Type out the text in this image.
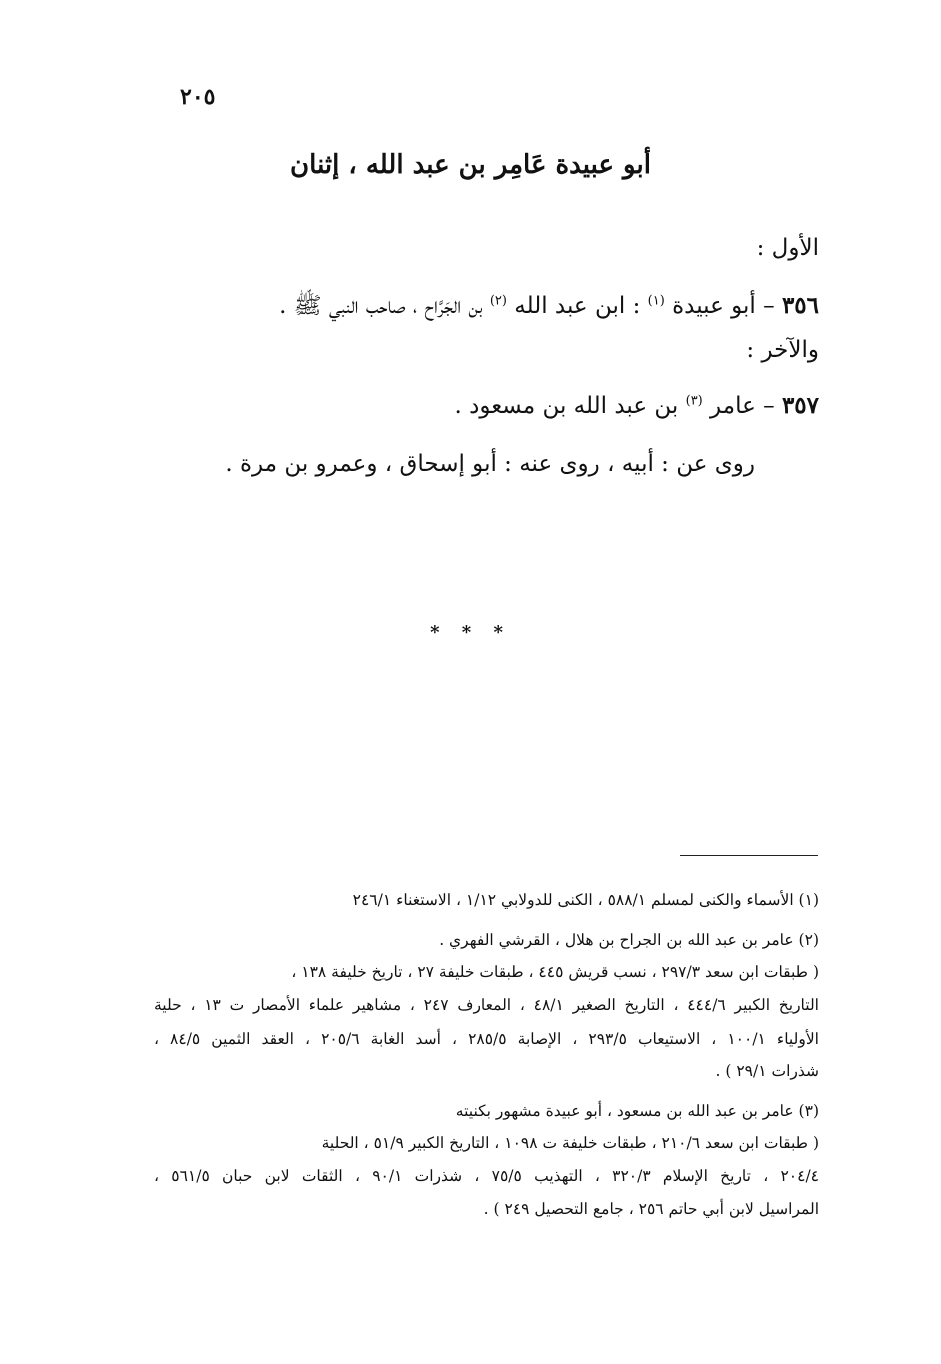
٢٠٥
أبو عبيدة عَامِر بن عبد الله ، إثنان
الأول :
٣٥٦ – أبو عبيدة $^{(١)}$ : ابن عبد الله $^{(٢)}$ بن الجَرَّاح ، صاحب النبي ﷺ .
والآخر :
٣٥٧ – عامر $^{(٣)}$ بن عبد الله بن مسعود .
روى عن : أبيه ، روى عنه : أبو إسحاق ، وعمرو بن مرة .
* * *
(١) الأسماء والكنى لمسلم ٥٨٨/١ ، الكنى للدولابي ١/١٢ ، الاستغناء ٢٤٦/١
(٢) عامر بن عبد الله بن الجراح بن هلال ، القرشي الفهري .
( طبقات ابن سعد ٢٩٧/٣ ، نسب قريش ٤٤٥ ، طبقات خليفة ٢٧ ، تاريخ خليفة ١٣٨ ،
التاريخ الكبير ٤٤٤/٦ ، التاريخ الصغير ٤٨/١ ، المعارف ٢٤٧ ، مشاهير علماء الأمصار ت ١٣ ، حلية
الأولياء ١٠٠/١ ، الاستيعاب ٢٩٣/٥ ، الإصابة ٢٨٥/٥ ، أسد الغابة ٢٠٥/٦ ، العقد الثمين ٨٤/٥ ،
شذرات ٢٩/١ ) .
(٣) عامر بن عبد الله بن مسعود ، أبو عبيدة مشهور بكنيته
( طبقات ابن سعد ٢١٠/٦ ، طبقات خليفة ت ١٠٩٨ ، التاريخ الكبير ٥١/٩ ، الحلية
٢٠٤/٤ ، تاريخ الإسلام ٣٢٠/٣ ، التهذيب ٧٥/٥ ، شذرات ٩٠/١ ، الثقات لابن حبان ٥٦١/٥ ،
المراسيل لابن أبي حاتم ٢٥٦ ، جامع التحصيل ٢٤٩ ) .
